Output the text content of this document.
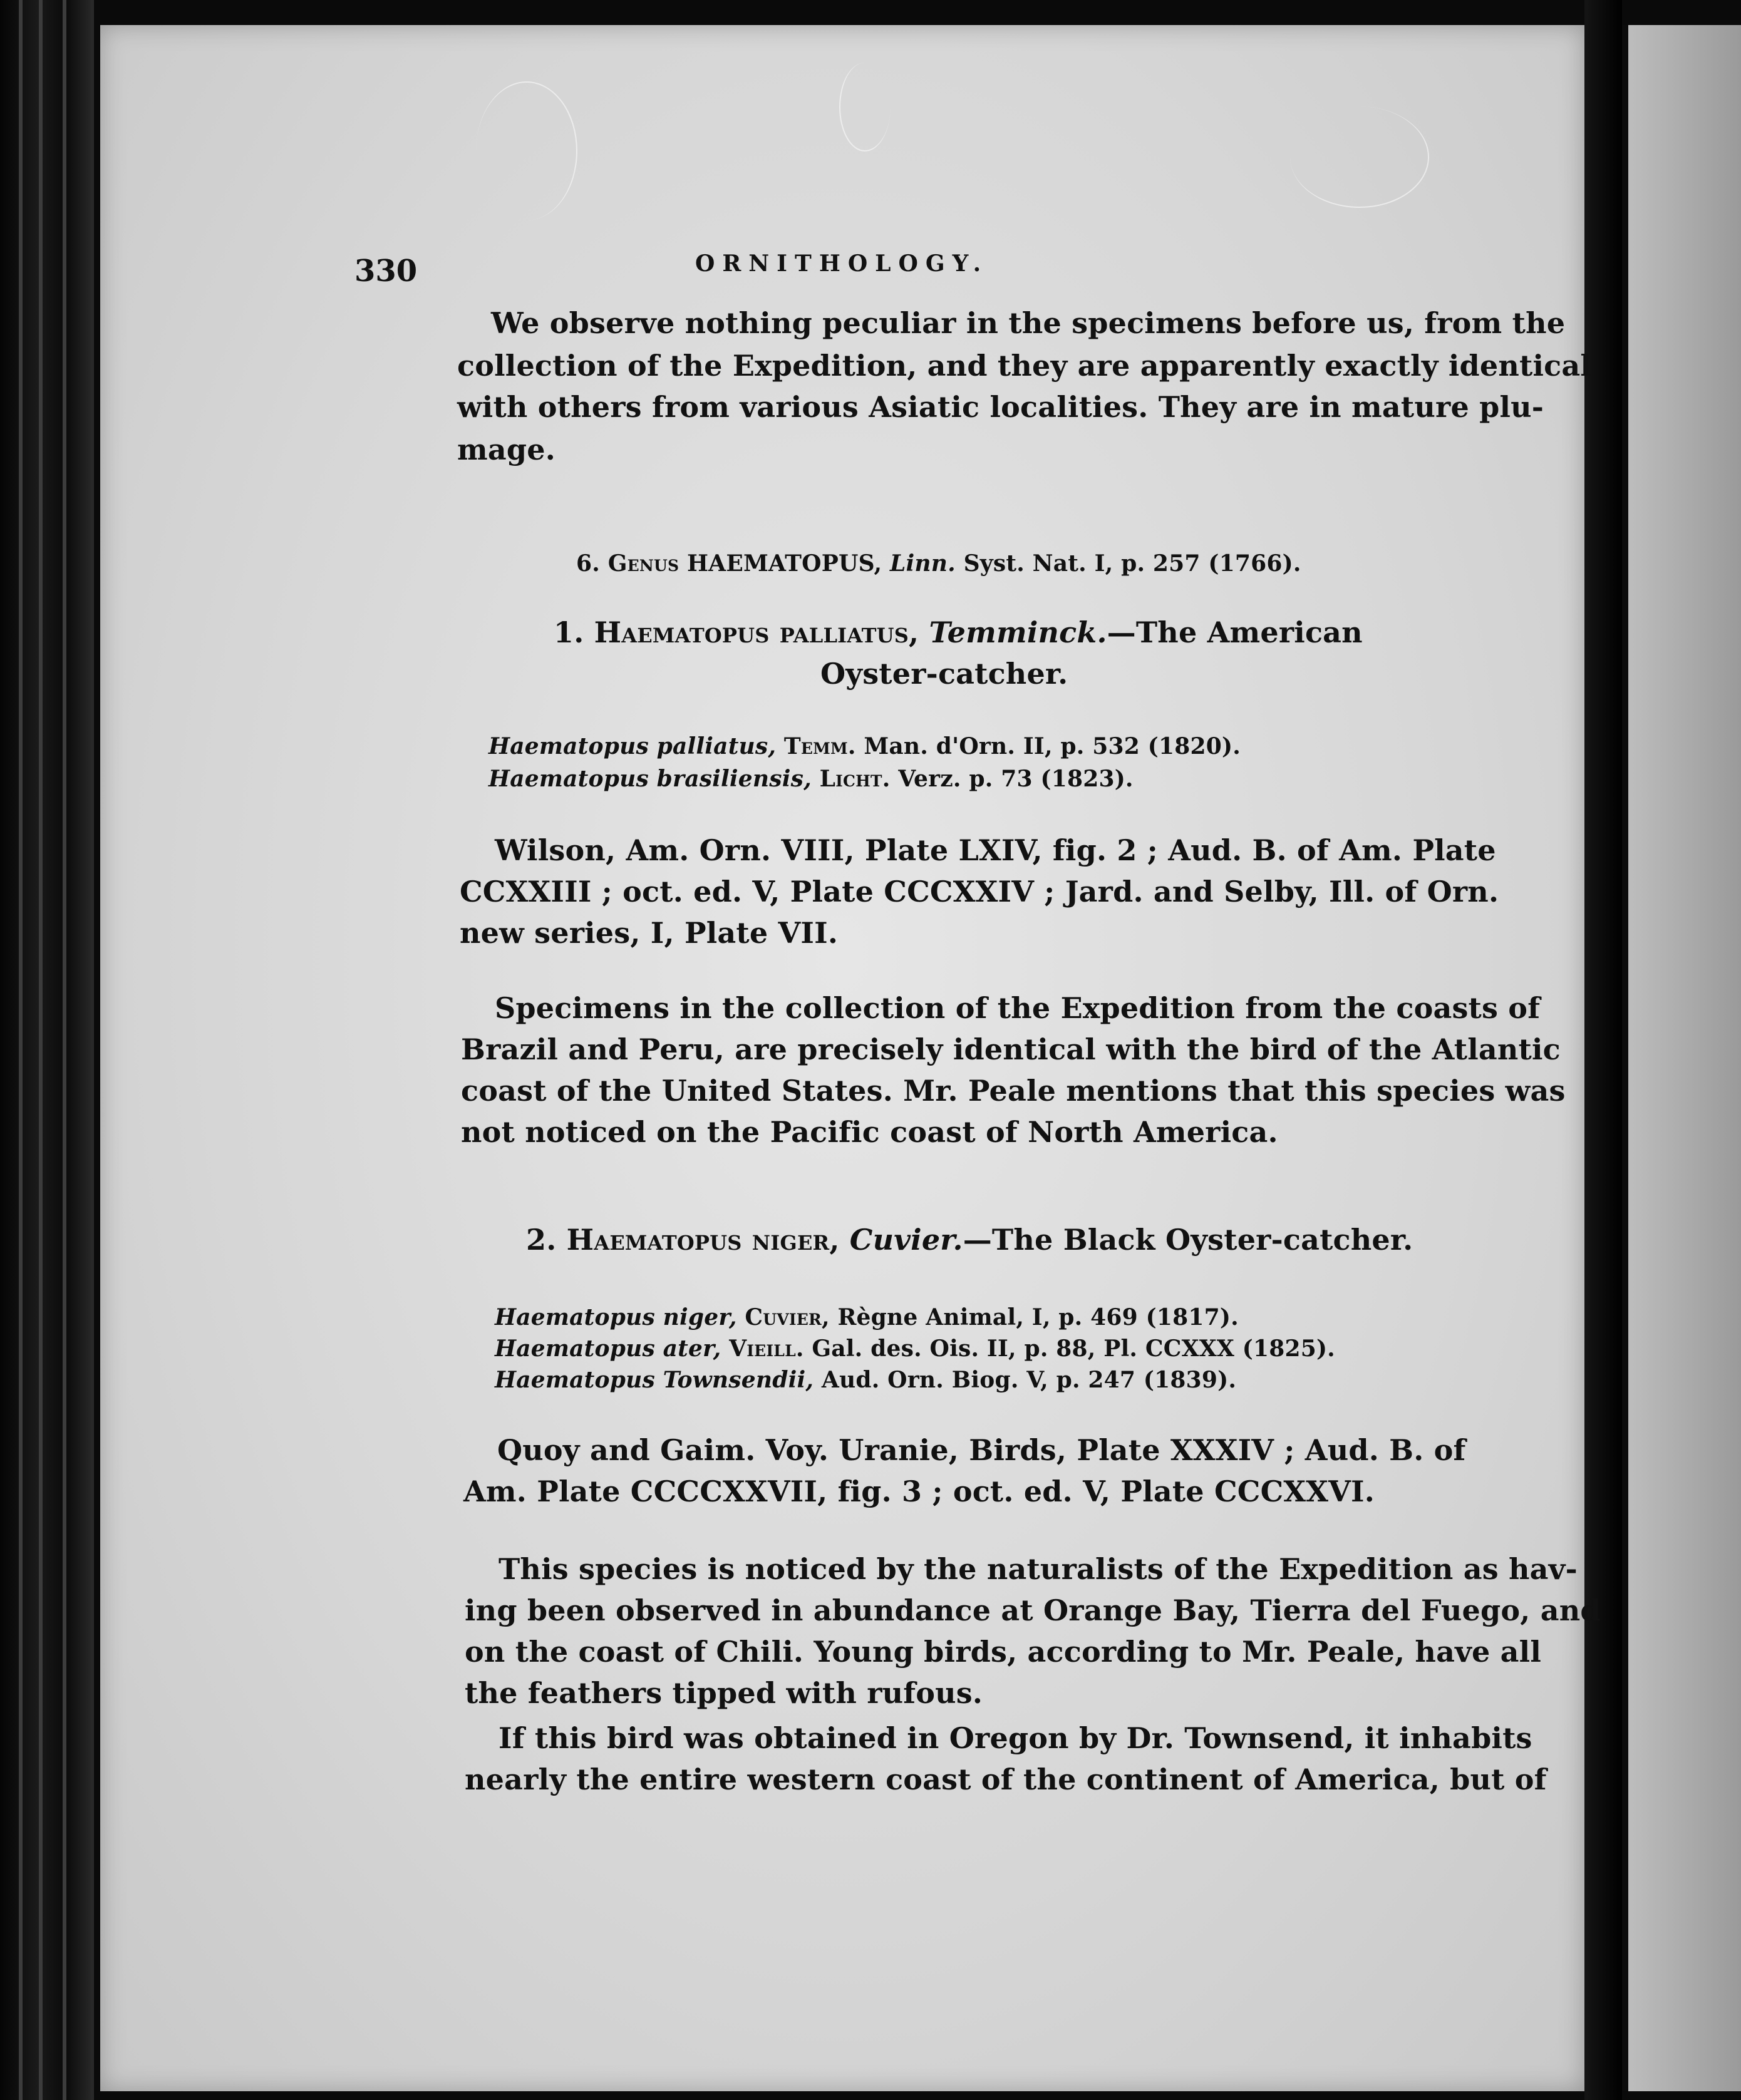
330	ORNITHOLOGY.
We observe nothing peculiar in the specimens before us, from the
collection of the Expedition, and they are apparently exactly identical
with others from various Asiatic localities. They are in mature plu-
mage.
6. Genus HAEMATOPUS, Linn. Syst. Nat. I, p. 257 (1766).
1. Haematopus palliatus, Temminck.—The American
Oyster-catcher.
Haematopus palliatus, Temm. Man. d'Orn. II, p. 532 (1820).
Haematopus brasiliensis, Licht. Verz. p. 73 (1823).
Wilson, Am. Orn. VIII, Plate LXIV, fig. 2 ; Aud. B. of Am. Plate
CCXXIII ; oct. ed. V, Plate CCCXXIV ; Jard. and Selby, Ill. of Orn.
new series, I, Plate VII.
Specimens in the collection of the Expedition from the coasts of
Brazil and Peru, are precisely identical with the bird of the Atlantic
coast of the United States. Mr. Peale mentions that this species was
not noticed on the Pacific coast of North America.
2. Haematopus niger, Cuvier.—The Black Oyster-catcher.
Haematopus niger, Cuvier, Règne Animal, I, p. 469 (1817).
Haematopus ater, Vieill. Gal. des. Ois. II, p. 88, Pl. CCXXX (1825).
Haematopus Townsendii, Aud. Orn. Biog. V, p. 247 (1839).
Quoy and Gaim. Voy. Uranie, Birds, Plate XXXIV ; Aud. B. of
Am. Plate CCCCXXVII, fig. 3 ; oct. ed. V, Plate CCCXXVI.
This species is noticed by the naturalists of the Expedition as hav-
ing been observed in abundance at Orange Bay, Tierra del Fuego, and
on the coast of Chili. Young birds, according to Mr. Peale, have all
the feathers tipped with rufous.
If this bird was obtained in Oregon by Dr. Townsend, it inhabits
nearly the entire western coast of the continent of America, but of
